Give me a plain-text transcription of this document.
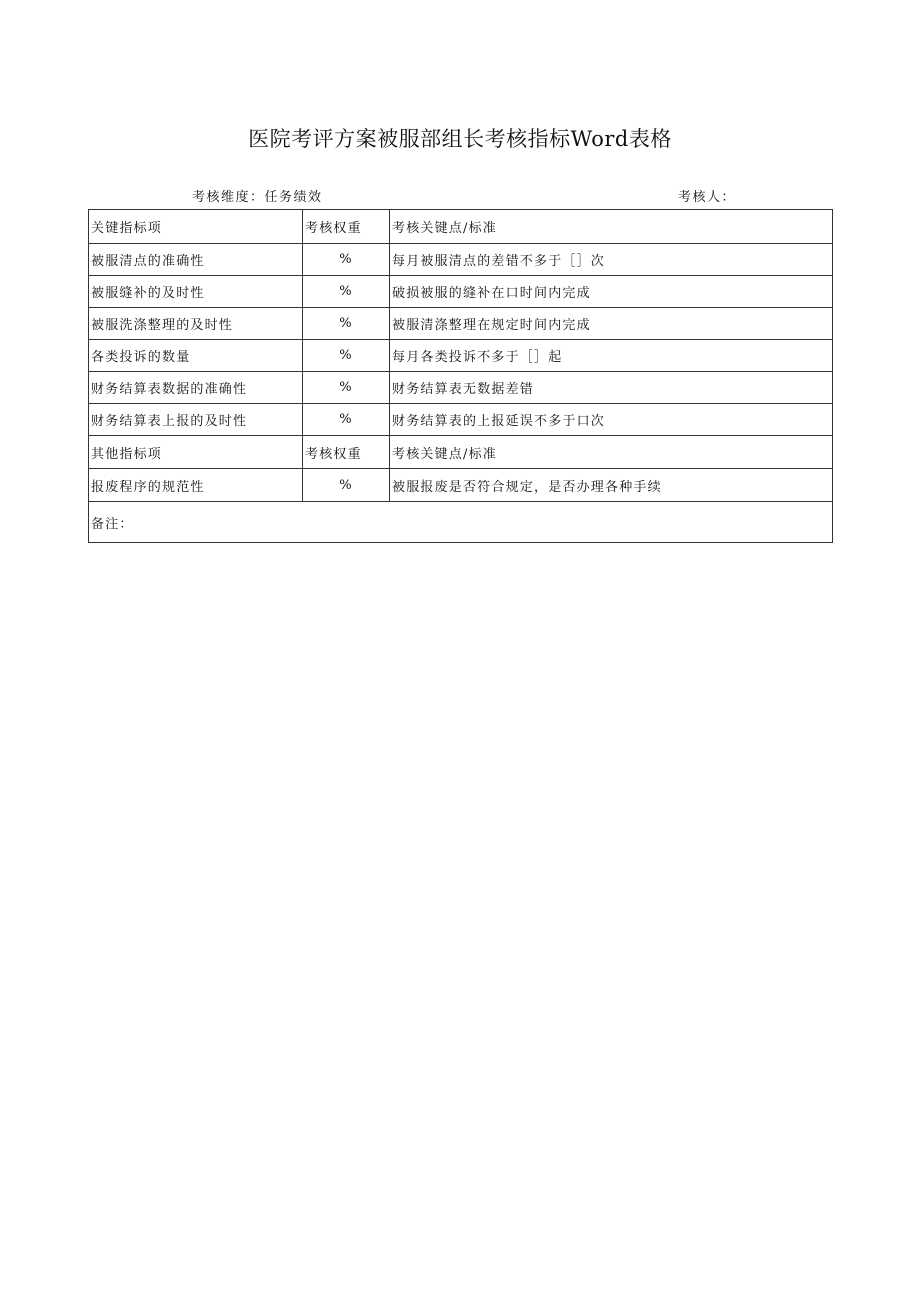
医院考评方案被服部组长考核指标Word表格
考核维度：任务绩效	考核人：
关键指标项	考核权重	考核关键点/标准
被服清点的准确性	%	每月被服清点的差错不多于［］次
被服缝补的及时性	%	破损被服的缝补在口时间内完成
被服洗涤整理的及时性	%	被服清涤整理在规定时间内完成
各类投诉的数量	%	每月各类投诉不多于［］起
财务结算表数据的准确性	%	财务结算表无数据差错
财务结算表上报的及时性	%	财务结算表的上报延误不多于口次
其他指标项	考核权重	考核关键点/标准
报废程序的规范性	%	被服报废是否符合规定，是否办理各种手续
备注：		
